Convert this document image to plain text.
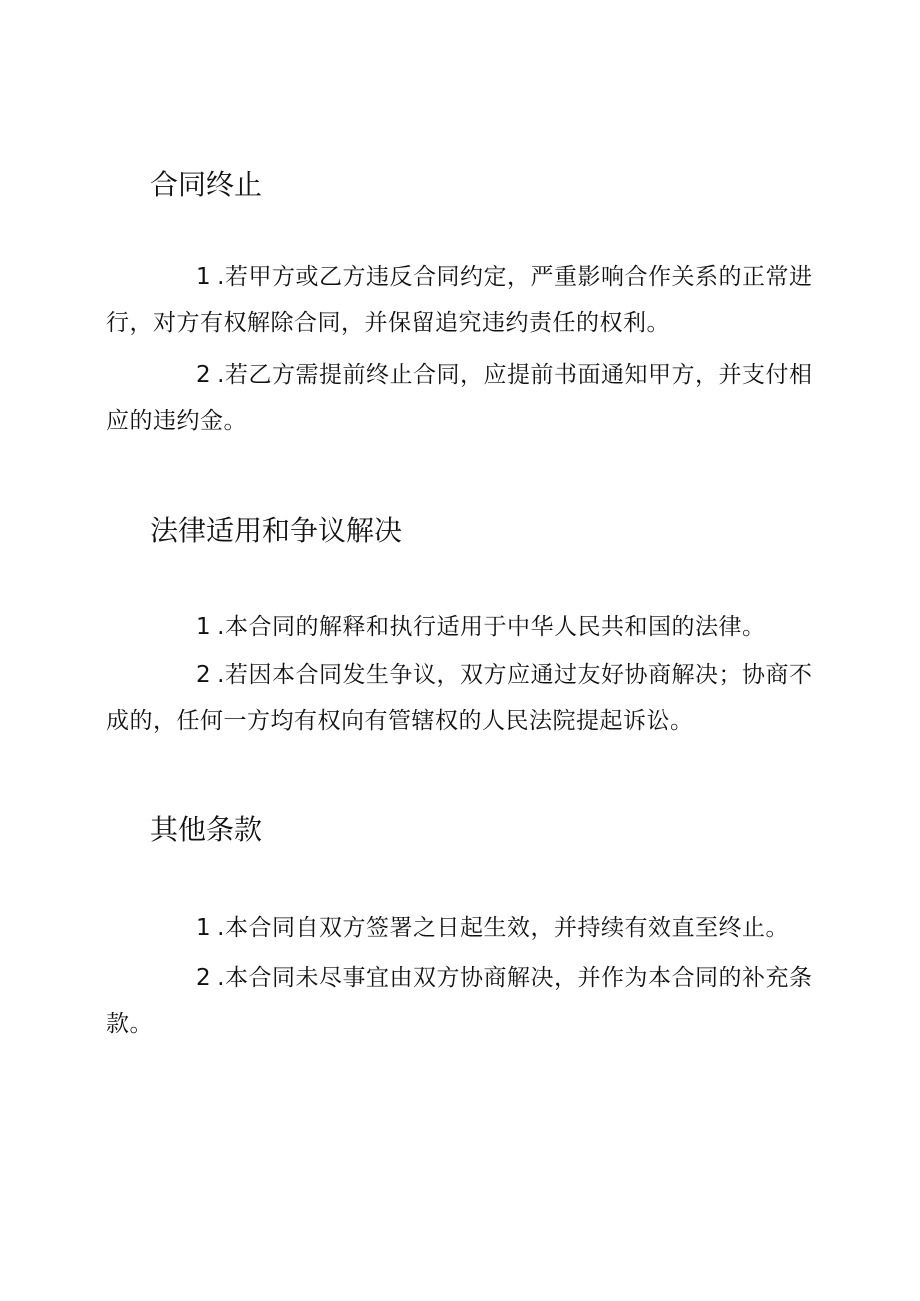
合同终止

1 .若甲方或乙方违反合同约定，严重影响合作关系的正常进行，对方有权解除合同，并保留追究违约责任的权利。

2 .若乙方需提前终止合同，应提前书面通知甲方，并支付相应的违约金。

法律适用和争议解决

1 .本合同的解释和执行适用于中华人民共和国的法律。

2 .若因本合同发生争议，双方应通过友好协商解决；协商不成的，任何一方均有权向有管辖权的人民法院提起诉讼。

其他条款

1 .本合同自双方签署之日起生效，并持续有效直至终止。

2 .本合同未尽事宜由双方协商解决，并作为本合同的补充条款。
